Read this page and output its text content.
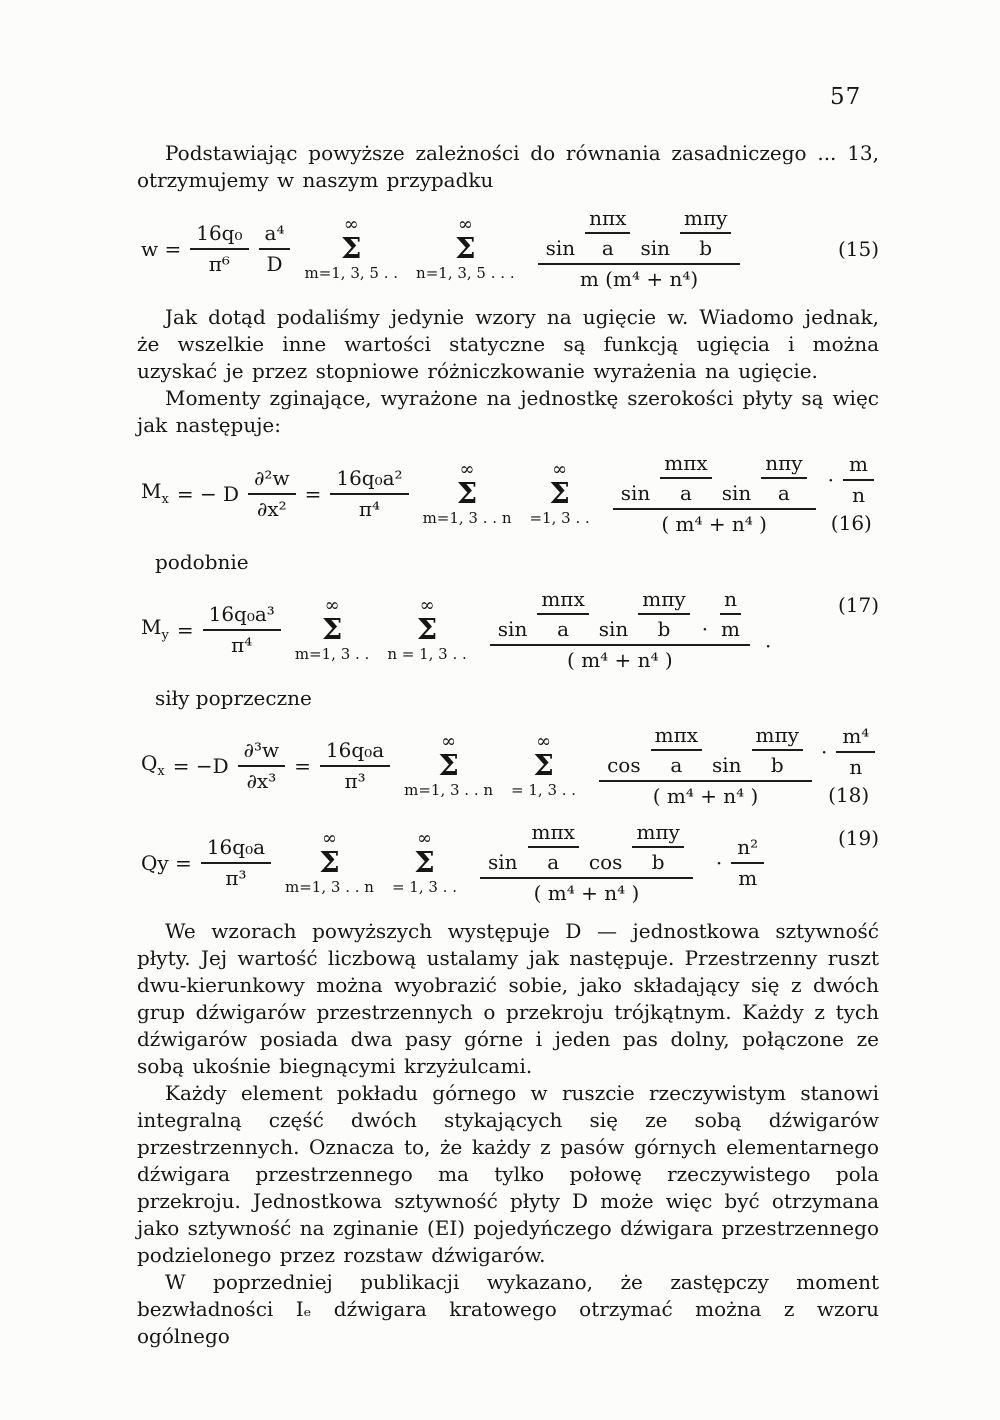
57

Podstawiając powyższe zależności do równania zasadniczego ... 13, otrzymujemy w naszym przypadku

$w = \frac{\text{16q₀}}{\text{π⁶}} \frac{\text{a⁴}}{D}$	∞
Σ
m=1, 3, 5 . .
∞
Σ
n=1, 3, 5 . . .
$\sin \frac{\text{nπx}}{a}$ $\sin \frac{\text{mπy}}{b}$
m (m⁴ + n⁴)
(15)

Jak dotąd podaliśmy jedynie wzory na ugięcie w. Wiadomo jednak, że wszelkie inne wartości statyczne są funkcją ugięcia i można uzyskać je przez stopniowe różniczkowanie wyrażenia na ugięcie.

Momenty zginające, wyrażone na jednostkę szerokości płyty są więc jak następuje:

$M_x$ = − D $\frac{\text{∂²w}}{\text{∂x²}} = \frac{\text{16q₀a²}}{\text{π⁴}}$	∞
Σ
m=1, 3 . . n
∞
Σ
=1, 3 . .
$\sin \frac{\text{mπx}}{a}$ $\sin \frac{\text{nπy}}{a}$
( m⁴ + n⁴ )
· $\frac{m}{n}$
(16)
podobnie
$M_y = \frac{\text{16q₀a³}}{\text{π⁴}}$ ∞
Σ
m=1, 3 . .
∞
Σ
n = 1, 3 . .
$\sin \frac{\text{mπx}}{a}$ $\sin \frac{\text{mπy}}{b} \cdot \frac{n}{m}$
( m⁴ + n⁴ )
·
(17)
siły poprzeczne
$Q_x = -D \frac{\text{∂³w}}{\text{∂x³}} = \frac{\text{16q₀a}}{\text{π³}}$	∞
Σ
m=1, 3 . . n
∞
Σ
= 1, 3 . .
$\cos \frac{\text{mπx}}{a}$ $\sin \frac{\text{mπy}}{b}$
( m⁴ + n⁴ )
· $\frac{\text{m⁴}}{n}$
(18)
$Qy = \frac{\text{16q₀a}}{\text{π³}}$	∞
Σ
m=1, 3 . . n
∞
Σ
= 1, 3 . .
$\sin \frac{\text{mπx}}{a}$ $\cos \frac{\text{mπy}}{b}$
( m⁴ + n⁴ )
· $\frac{\text{n²}}{m}$	(19)

We wzorach powyższych występuje D — jednostkowa sztywność płyty. Jej wartość liczbową ustalamy jak następuje. Przestrzenny ruszt dwu-kierunkowy można wyobrazić sobie, jako składający się z dwóch grup dźwigarów przestrzennych o przekroju trójkątnym. Każdy z tych dźwigarów posiada dwa pasy górne i jeden pas dolny, połączone ze sobą ukośnie biegnącymi krzyżulcami.

Każdy element pokładu górnego w ruszcie rzeczywistym stanowi integralną część dwóch stykających się ze sobą dźwigarów przestrzennych. Oznacza to, że każdy z pasów górnych elementarnego dźwigara przestrzennego ma tylko połowę rzeczywistego pola przekroju. Jednostkowa sztywność płyty D może więc być otrzymana jako sztywność na zginanie (EI) pojedyńczego dźwigara przestrzennego podzielonego przez rozstaw dźwigarów.

W poprzedniej publikacji wykazano, że zastępczy moment bezwładności Iₑ dźwigara kratowego otrzymać można z wzoru ogólnego
